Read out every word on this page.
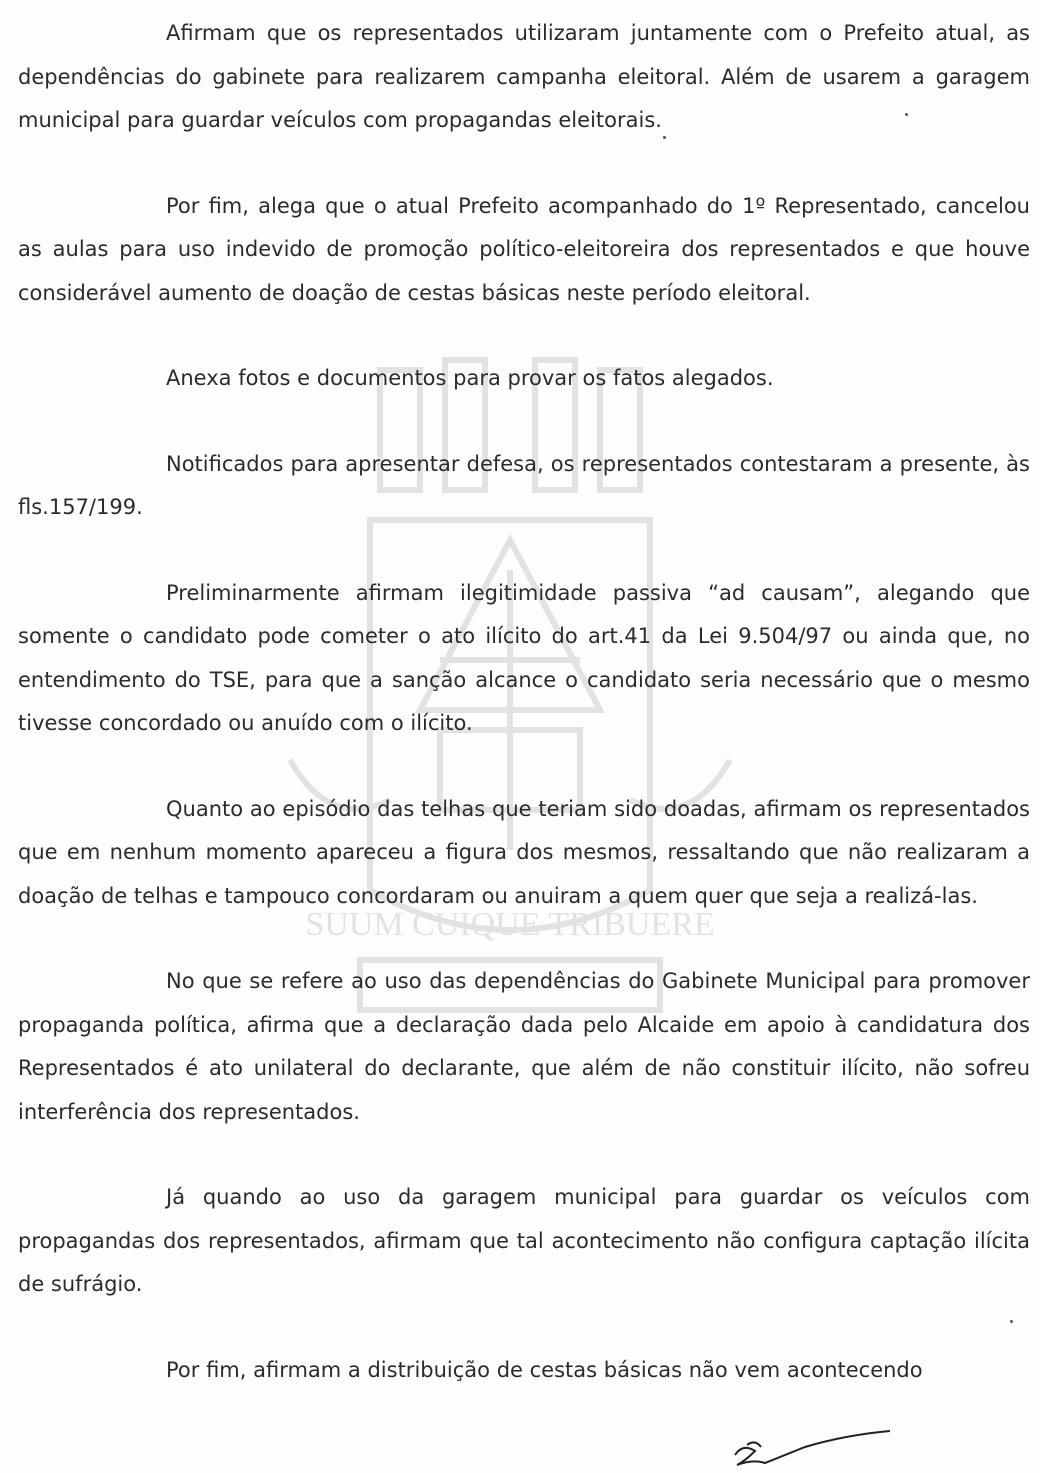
SUUM CUIQUE TRIBUERE

Afirmam que os representados utilizaram juntamente com o Prefeito atual, as dependências do gabinete para realizarem campanha eleitoral. Além de usarem a garagem municipal para guardar veículos com propagandas eleitorais.

Por fim, alega que o atual Prefeito acompanhado do 1º Representado, cancelou as aulas para uso indevido de promoção político-eleitoreira dos representados e que houve considerável aumento de doação de cestas básicas neste período eleitoral.

Anexa fotos e documentos para provar os fatos alegados.

Notificados para apresentar defesa, os representados contestaram a presente, às fls.157/199.

Preliminarmente afirmam ilegitimidade passiva “ad causam”, alegando que somente o candidato pode cometer o ato ilícito do art.41 da Lei 9.504/97 ou ainda que, no entendimento do TSE, para que a sanção alcance o candidato seria necessário que o mesmo tivesse concordado ou anuído com o ilícito.

Quanto ao episódio das telhas que teriam sido doadas, afirmam os representados que em nenhum momento apareceu a figura dos mesmos, ressaltando que não realizaram a doação de telhas e tampouco concordaram ou anuiram a quem quer que seja a realizá-las.

No que se refere ao uso das dependências do Gabinete Municipal para promover propaganda política, afirma que a declaração dada pelo Alcaide em apoio à candidatura dos Representados é ato unilateral do declarante, que além de não constituir ilícito, não sofreu interferência dos representados.

Já quando ao uso da garagem municipal para guardar os veículos com propagandas dos representados, afirmam que tal acontecimento não configura captação ilícita de sufrágio.

Por fim, afirmam a distribuição de cestas básicas não vem acontecendo
